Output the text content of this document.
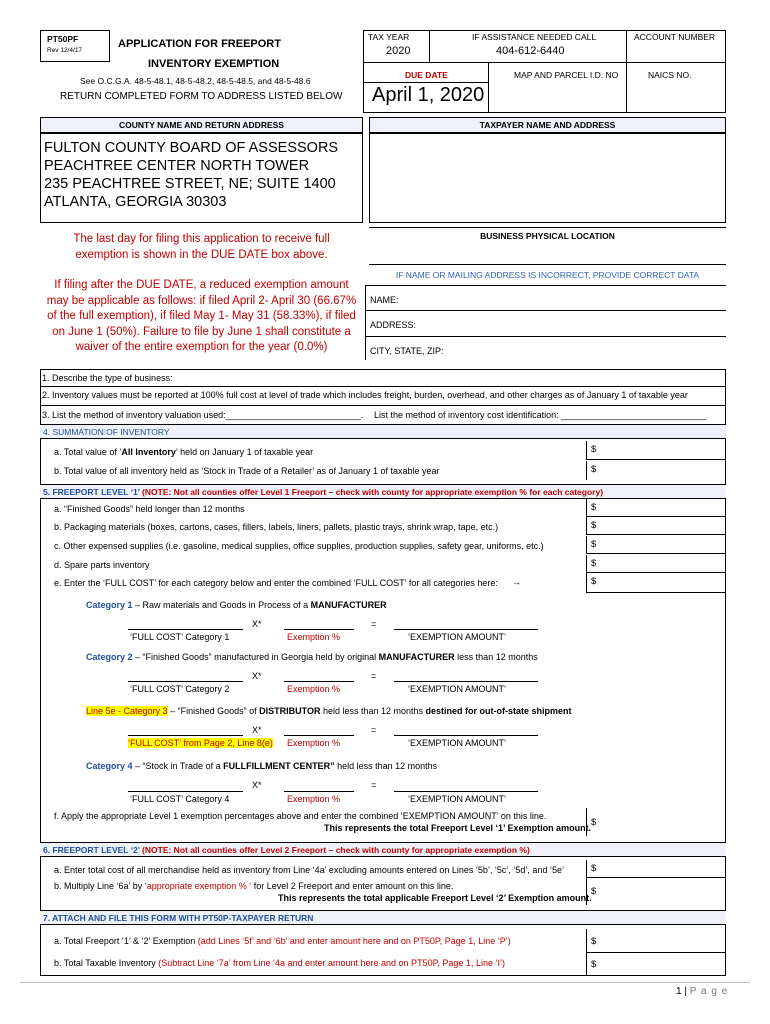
PT50PF
Rev 12/4/17
APPLICATION FOR FREEPORT
INVENTORY EXEMPTION
See O.C.G.A. 48-5-48.1, 48-5-48.2, 48-5-48.5, and 48-5-48.6
RETURN COMPLETED FORM TO ADDRESS LISTED BELOW
TAX YEAR
2020
IF ASSISTANCE NEEDED CALL
404-612-6440
ACCOUNT NUMBER
DUE DATE	MAP AND PARCEL I.D. NO	NAICS NO.
April 1, 2020
COUNTY NAME AND RETURN ADDRESS	TAXPAYER NAME AND ADDRESS
FULTON COUNTY BOARD OF ASSESSORS
PEACHTREE CENTER NORTH TOWER
235 PEACHTREE STREET, NE; SUITE 1400
ATLANTA, GEORGIA 30303
BUSINESS PHYSICAL LOCATION
IF NAME OR MAILING ADDRESS IS INCORRECT, PROVIDE CORRECT DATA
NAME:
ADDRESS:
CITY, STATE, ZIP:
The last day for filing this application to receive full
exemption is shown in the DUE DATE box above.
If filing after the DUE DATE, a reduced exemption amount
may be applicable as follows: if filed April 2- April 30 (66.67%
of the full exemption), if filed May 1- May 31 (58.33%), if filed
on June 1 (50%). Failure to file by June 1 shall constitute a
waiver of the entire exemption for the year (0.0%)
1. Describe the type of business:
2. Inventory values must be reported at 100% full cost at level of trade which includes freight, burden, overhead, and other charges as of January 1 of taxable year
3. List the method of inventory valuation used:___________________________. List the method of inventory cost identification: _____________________________
4. SUMMATION OF INVENTORY
a. Total value of ‘All Inventory’ held on January 1 of taxable year	$
b. Total value of all inventory held as ‘Stock in Trade of a Retailer’ as of January 1 of taxable year	$
5. FREEPORT LEVEL ‘1’ (NOTE: Not all counties offer Level 1 Freeport – check with county for appropriate exemption % for each category)
a. “Finished Goods” held longer than 12 months	$
b. Packaging materials (boxes, cartons, cases, fillers, labels, liners, pallets, plastic trays, shrink wrap, tape, etc.)	$
c. Other expensed supplies (i.e. gasoline, medical supplies, office supplies, production supplies, safety gear, uniforms, etc.)	$
d. Spare parts inventory	$
e. Enter the ‘FULL COST’ for each category below and enter the combined ‘FULL COST’ for all categories here: →	$
Category 1 – Raw materials and Goods in Process of a MANUFACTURER
X*	=
‘FULL COST’ Category 1	Exemption %	‘EXEMPTION AMOUNT’
Category 2 – “Finished Goods” manufactured in Georgia held by original MANUFACTURER less than 12 months
X*	=
‘FULL COST’ Category 2	Exemption %	‘EXEMPTION AMOUNT’
Line 5e - Category 3 – “Finished Goods” of DISTRIBUTOR held less than 12 months destined for out-of-state shipment
X*	=
‘FULL COST’ from Page 2, Line 8(e) Exemption %	‘EXEMPTION AMOUNT’
Category 4 – “Stock in Trade of a FULLFILLMENT CENTER” held less than 12 months
X*	=
‘FULL COST’ Category 4	Exemption %	‘EXEMPTION AMOUNT’
f. Apply the appropriate Level 1 exemption percentages above and enter the combined ‘EXEMPTION AMOUNT’ on this line.
This represents the total Freeport Level ‘1’ Exemption amount. $
6. FREEPORT LEVEL ‘2’ (NOTE: Not all counties offer Level 2 Freeport – check with county for appropriate exemption %)
a. Enter total cost of all merchandise held as inventory from Line ‘4a’ excluding amounts entered on Lines ‘5b’, ‘5c’, ‘5d’, and ‘5e’	$
b. Multiply Line ‘6a’ by ‘appropriate exemption % ‘ for Level 2 Freeport and enter amount on this line.
This represents the total applicable Freeport Level ‘2’ Exemption amount.
$
7. ATTACH AND FILE THIS FORM WITH PT50P-TAXPAYER RETURN
a. Total Freeport ‘1’ & ‘2’ Exemption (add Lines ‘5f’ and ‘6b’ and enter amount here and on PT50P, Page 1, Line ‘P’)	$
b. Total Taxable Inventory (Subtract Line ‘7a’ from Line ‘4a and enter amount here and on PT50P, Page 1, Line ‘I’)	$
1 | P a g e
